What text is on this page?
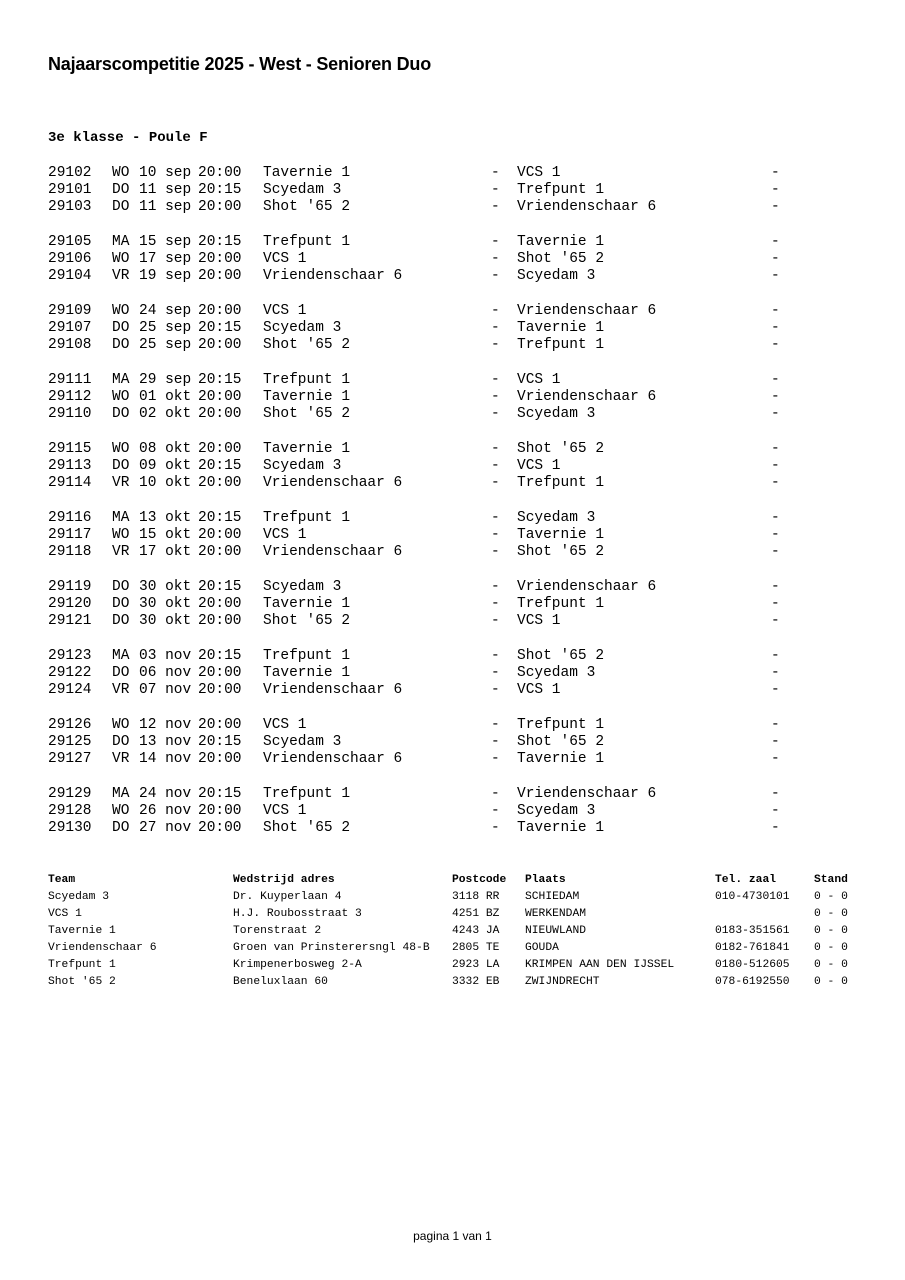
Najaarscompetitie 2025 - West - Senioren Duo
3e klasse - Poule F
29102 WO 10 sep 20:00 Tavernie 1	- VCS 1	-
29101 DO 11 sep 20:15 Scyedam 3	- Trefpunt 1	-
29103 DO 11 sep 20:00 Shot '65 2	- Vriendenschaar 6	-
29105 MA 15 sep 20:15 Trefpunt 1	- Tavernie 1	-
29106 WO 17 sep 20:00 VCS 1	- Shot '65 2	-
29104 VR 19 sep 20:00 Vriendenschaar 6	- Scyedam 3	-
29109 WO 24 sep 20:00 VCS 1	- Vriendenschaar 6	-
29107 DO 25 sep 20:15 Scyedam 3	- Tavernie 1	-
29108 DO 25 sep 20:00 Shot '65 2	- Trefpunt 1	-
29111 MA 29 sep 20:15 Trefpunt 1	- VCS 1	-
29112 WO 01 okt 20:00 Tavernie 1	- Vriendenschaar 6	-
29110 DO 02 okt 20:00 Shot '65 2	- Scyedam 3	-
29115 WO 08 okt 20:00 Tavernie 1	- Shot '65 2	-
29113 DO 09 okt 20:15 Scyedam 3	- VCS 1	-
29114 VR 10 okt 20:00 Vriendenschaar 6	- Trefpunt 1	-
29116 MA 13 okt 20:15 Trefpunt 1	- Scyedam 3	-
29117 WO 15 okt 20:00 VCS 1	- Tavernie 1	-
29118 VR 17 okt 20:00 Vriendenschaar 6	- Shot '65 2	-
29119 DO 30 okt 20:15 Scyedam 3	- Vriendenschaar 6	-
29120 DO 30 okt 20:00 Tavernie 1	- Trefpunt 1	-
29121 DO 30 okt 20:00 Shot '65 2	- VCS 1	-
29123 MA 03 nov 20:15 Trefpunt 1	- Shot '65 2	-
29122 DO 06 nov 20:00 Tavernie 1	- Scyedam 3	-
29124 VR 07 nov 20:00 Vriendenschaar 6	- VCS 1	-
29126 WO 12 nov 20:00 VCS 1	- Trefpunt 1	-
29125 DO 13 nov 20:15 Scyedam 3	- Shot '65 2	-
29127 VR 14 nov 20:00 Vriendenschaar 6	- Tavernie 1	-
29129 MA 24 nov 20:15 Trefpunt 1	- Vriendenschaar 6	-
29128 WO 26 nov 20:00 VCS 1	- Scyedam 3	-
29130 DO 27 nov 20:00 Shot '65 2	- Tavernie 1	-
Team	Wedstrijd adres	Postcode Plaats	Tel. zaal	Stand
Scyedam 3	Dr. Kuyperlaan 4	3118 RR SCHIEDAM	010-4730101 0 - 0
VCS 1	H.J. Roubosstraat 3	4251 BZ WERKENDAM	0 - 0
Tavernie 1	Torenstraat 2	4243 JA NIEUWLAND	0183-351561 0 - 0
Vriendenschaar 6	Groen van Prinsterersngl 48-B 2805 TE GOUDA	0182-761841 0 - 0
Trefpunt 1	Krimpenerbosweg 2-A	2923 LA KRIMPEN AAN DEN IJSSEL	0180-512605 0 - 0
Shot '65 2	Beneluxlaan 60	3332 EB ZWIJNDRECHT	078-6192550 0 - 0
pagina 1 van 1
